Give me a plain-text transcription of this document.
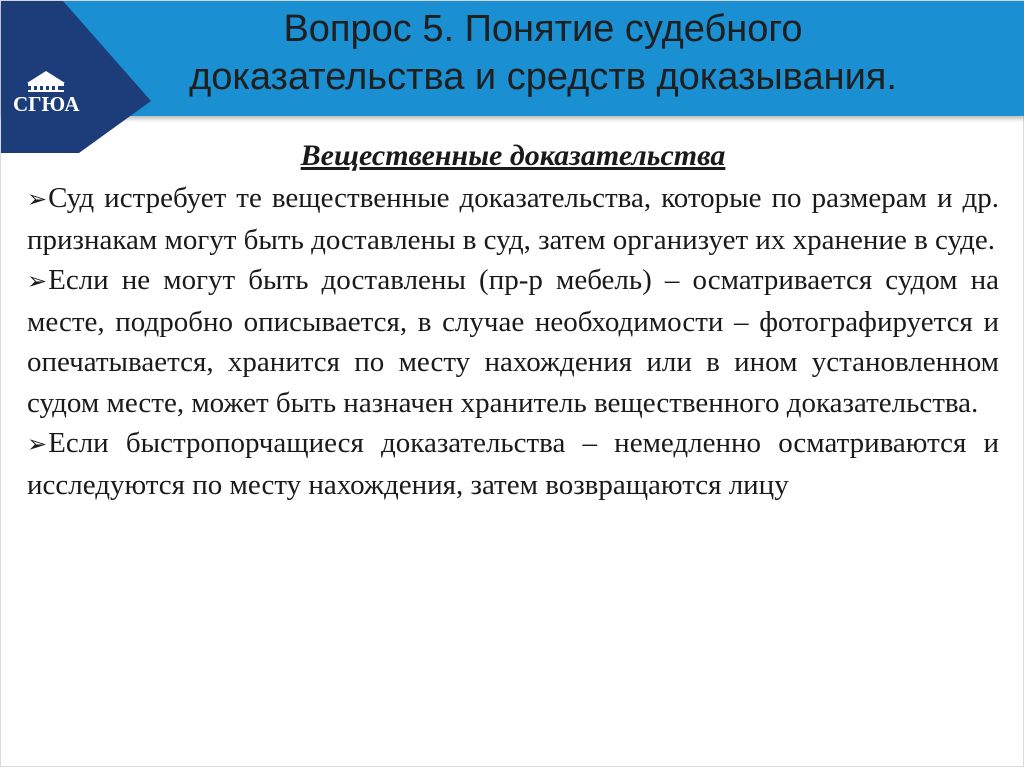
СГЮА
Вопрос 5. Понятие судебного
доказательства и средств доказывания.
Вещественные доказательства

➢Суд истребует те вещественные доказательства, которые по размерам и др. признакам могут быть доставлены в суд, затем организует их хранение в суде.

➢Если не могут быть доставлены (пр-р мебель) – осматривается судом на месте, подробно описывается, в случае необходимости – фотографируется и опечатывается, хранится по месту нахождения или в ином установленном судом месте, может быть назначен хранитель вещественного доказательства.

➢Если быстропорчащиеся доказательства – немедленно осматриваются и исследуются по месту нахождения, затем возвращаются лицу
